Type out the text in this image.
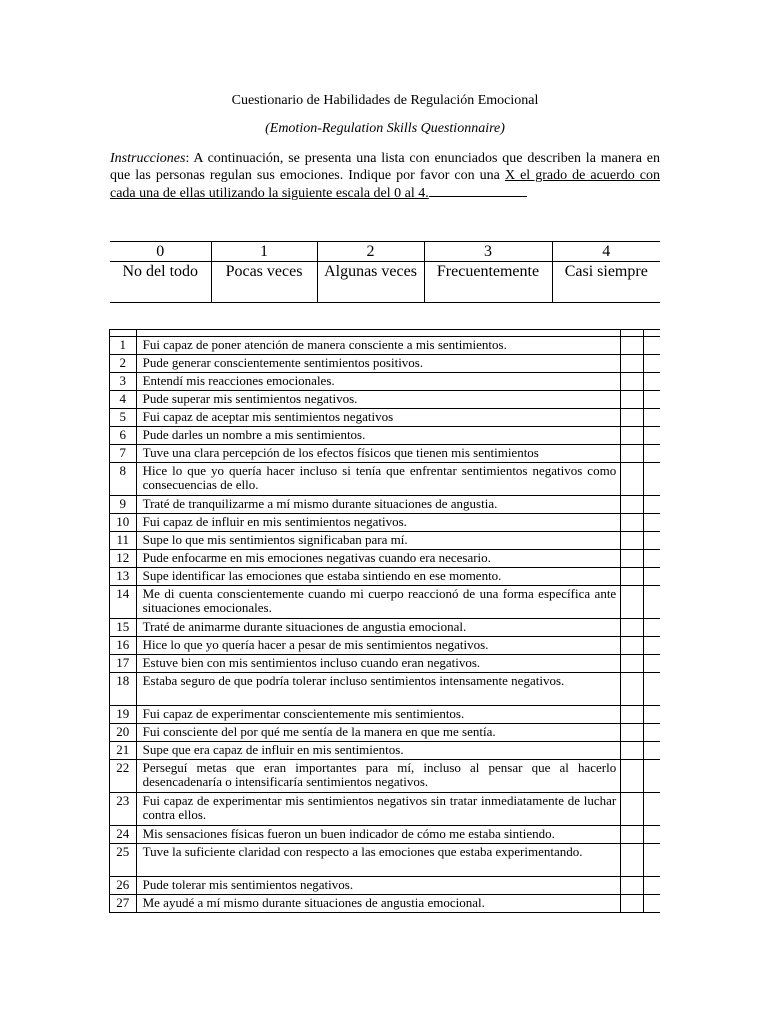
Cuestionario de Habilidades de Regulación Emocional
(Emotion-Regulation Skills Questionnaire)
Instrucciones: A continuación, se presenta una lista con enunciados que describen la manera en que las personas regulan sus emociones. Indique por favor con una X el grado de acuerdo con cada una de ellas utilizando la siguiente escala del 0 al 4.
0	1	2	3	4
No del todo	Pocas veces	Algunas veces	Frecuentemente	Casi siempre

1	Fui capaz de poner atención de manera consciente a mis sentimientos.		
2	Pude generar conscientemente sentimientos positivos.		
3	Entendí mis reacciones emocionales.		
4	Pude superar mis sentimientos negativos.		
5	Fui capaz de aceptar mis sentimientos negativos		
6	Pude darles un nombre a mis sentimientos.		
7	Tuve una clara percepción de los efectos físicos que tienen mis sentimientos		
8	Hice lo que yo quería hacer incluso si tenía que enfrentar sentimientos negativos como consecuencias de ello.		
9	Traté de tranquilizarme a mí mismo durante situaciones de angustia.		
10	Fui capaz de influir en mis sentimientos negativos.		
11	Supe lo que mis sentimientos significaban para mí.		
12	Pude enfocarme en mis emociones negativas cuando era necesario.		
13	Supe identificar las emociones que estaba sintiendo en ese momento.		
14	Me di cuenta conscientemente cuando mi cuerpo reaccionó de una forma específica ante situaciones emocionales.		
15	Traté de animarme durante situaciones de angustia emocional.		
16	Hice lo que yo quería hacer a pesar de mis sentimientos negativos.		
17	Estuve bien con mis sentimientos incluso cuando eran negativos.		
18	Estaba seguro de que podría tolerar incluso sentimientos intensamente negativos.		
19	Fui capaz de experimentar conscientemente mis sentimientos.		
20	Fui consciente del por qué me sentía de la manera en que me sentía.		
21	Supe que era capaz de influir en mis sentimientos.		
22	Perseguí metas que eran importantes para mí, incluso al pensar que al hacerlo desencadenaría o intensificaría sentimientos negativos.		
23	Fui capaz de experimentar mis sentimientos negativos sin tratar inmediatamente de luchar contra ellos.		
24	Mis sensaciones físicas fueron un buen indicador de cómo me estaba sintiendo.		
25	Tuve la suficiente claridad con respecto a las emociones que estaba experimentando.		
26	Pude tolerar mis sentimientos negativos.		
27	Me ayudé a mí mismo durante situaciones de angustia emocional.		
